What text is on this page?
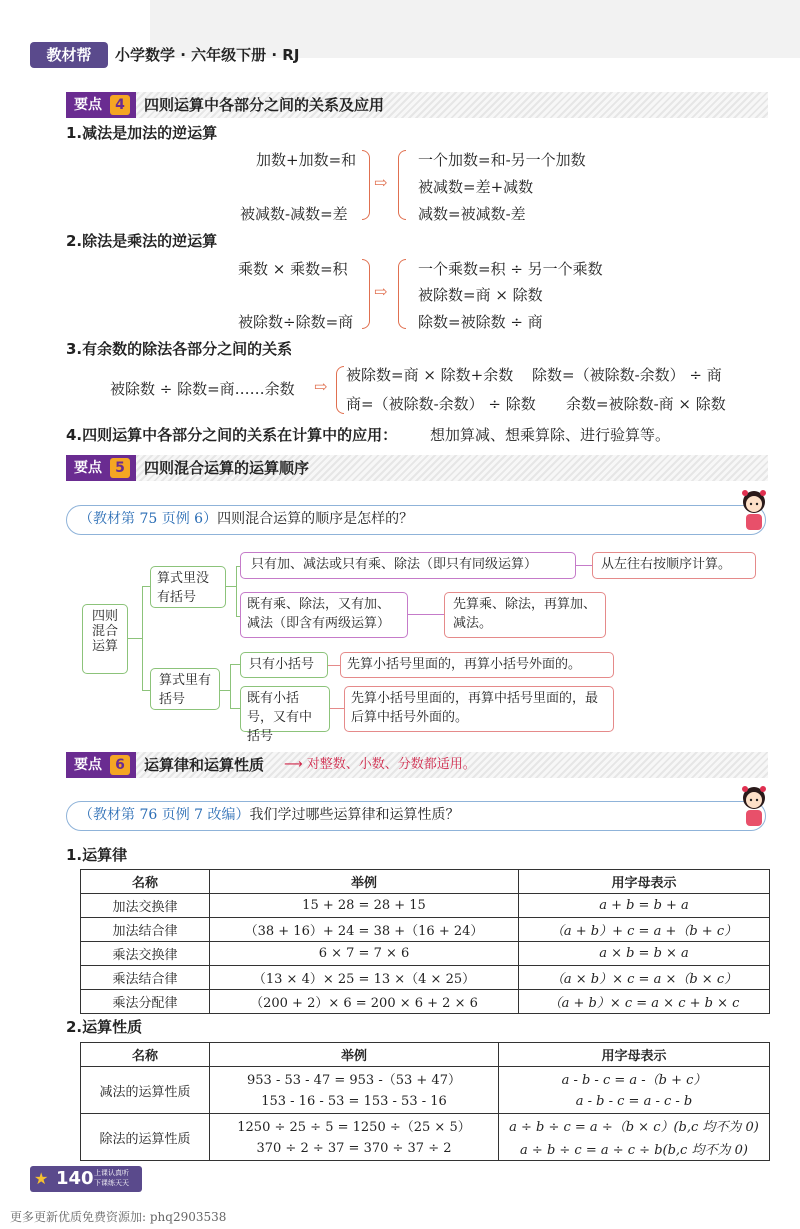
教材帮	小学数学 · 六年级下册 · RJ
要点 4	四则运算中各部分之间的关系及应用
1.减法是加法的逆运算
加数+加数=和
被减数-减数=差
⇨
一个加数=和-另一个加数
被减数=差+减数
减数=被减数-差
2.除法是乘法的逆运算
乘数 × 乘数=积
被除数÷除数=商
⇨
一个乘数=积 ÷ 另一个乘数
被除数=商 × 除数
除数=被除数 ÷ 商
3.有余数的除法各部分之间的关系
被除数 ÷ 除数=商……余数 ⇨
被除数=商 × 除数+余数 除数=（被除数-余数） ÷ 商
商=（被除数-余数） ÷ 除数 余数=被除数-商 × 除数
4.四则运算中各部分之间的关系在计算中的应用： 想加算减、想乘算除、进行验算等。
要点 5	四则混合运算的运算顺序
（教材第 75 页例 6）四则混合运算的顺序是怎样的？
四则混合运算
算式里没有括号
只有加、减法或只有乘、除法（即只有同级运算）	从左往右按顺序计算。
既有乘、除法，又有加、减法（即含有两级运算）
先算乘、除法，再算加、减法。
算式里有括号
只有小括号	先算小括号里面的，再算小括号外面的。
既有小括号，又有中括号
先算小括号里面的，再算中括号里面的，最后算中括号外面的。
要点 6	运算律和运算性质 ⟶ 对整数、小数、分数都适用。
（教材第 76 页例 7 改编）我们学过哪些运算律和运算性质？
1.运算律
名称	举例	用字母表示
加法交换律	15 + 28 = 28 + 15	a + b = b + a
加法结合律	（38 + 16）+ 24 = 38 +（16 + 24）	（a + b）+ c = a +（b + c）
乘法交换律	6 × 7 = 7 × 6	a × b = b × a
乘法结合律	（13 × 4）× 25 = 13 ×（4 × 25）	（a × b）× c = a ×（b × c）
乘法分配律	（200 + 2）× 6 = 200 × 6 + 2 × 6	（a + b）× c = a × c + b × c
2.运算性质
名称	举例	用字母表示
减法的运算性质	953 - 53 - 47 = 953 -（53 + 47）	a - b - c = a -（b + c）
	153 - 16 - 53 = 153 - 53 - 16	a - b - c = a - c - b
除法的运算性质	1250 ÷ 25 ÷ 5 = 1250 ÷（25 × 5）	a ÷ b ÷ c = a ÷（b × c）(b,c 均不为 0)
	370 ÷ 2 ÷ 37 = 370 ÷ 37 ÷ 2	a ÷ b ÷ c = a ÷ c ÷ b(b,c 均不为 0)
★ 140 上课认真听
下课练天天
更多更新优质免费资源加: phq2903538
